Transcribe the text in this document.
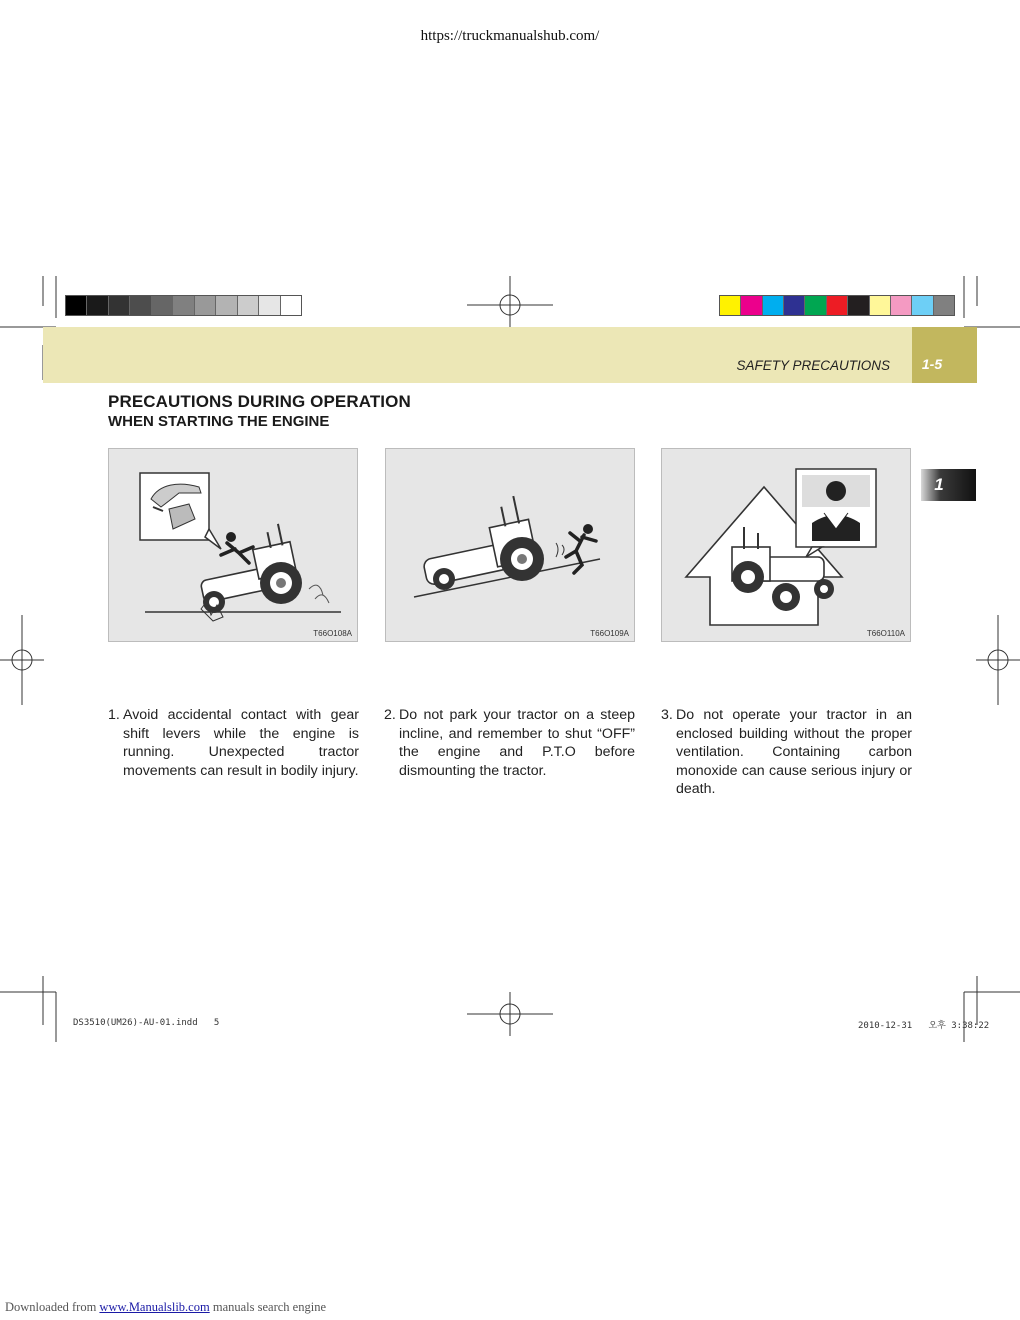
https://truckmanualshub.com/
SAFETY PRECAUTIONS	1-5
1
PRECAUTIONS DURING OPERATION
WHEN STARTING THE ENGINE
T66O108A	T66O109A	T66O110A
1. Avoid accidental contact with gear shift levers while the engine is running. Unexpected tractor movements can result in bodily injury.
2. Do not park your tractor on a steep incline, and remember to shut “OFF” the engine and P.T.O before dismounting the tractor.
3. Do not operate your tractor in an enclosed building without the proper ventilation. Containing carbon monoxide can cause serious injury or death.
DS3510(UM26)-AU-01.indd   5	2010-12-31   오후 3:38:22
Downloaded from www.Manualslib.com manuals search engine
